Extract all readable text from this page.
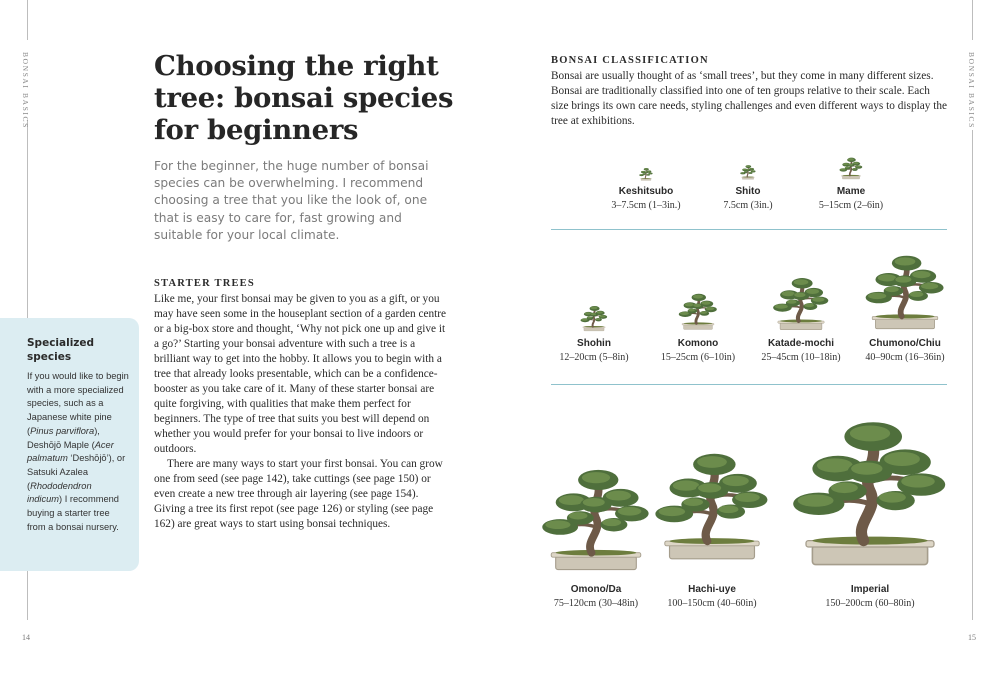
BONSAI BASICS	BONSAI BASICS
14	15
Choosing the right tree: bonsai species for beginners

For the beginner, the huge number of bonsai species can be overwhelming. I recommend choosing a tree that you like the look of, one that is easy to care for, fast growing and suitable for your local climate.

STARTER TREES

Like me, your first bonsai may be given to you as a gift, or you may have seen some in the houseplant section of a garden centre or a big-box store and thought, ‘Why not pick one up and give it a go?’ Starting your bonsai adventure with such a tree is a brilliant way to get into the hobby. It allows you to begin with a tree that already looks presentable, which can be a confidence-booster as you take care of it. Many of these starter bonsai are quite forgiving, with qualities that make them perfect for beginners. The type of tree that suits you best will depend on whether you would prefer for your bonsai to live indoors or outdoors.

There are many ways to start your first bonsai. You can grow one from seed (see page 142), take cuttings (see page 150) or even create a new tree through air layering (see page 154). Giving a tree its first repot (see page 126) or styling (see page 162) are great ways to start using bonsai techniques.

Specialized species

If you would like to begin with a more specialized species, such as a Japanese white pine (Pinus parviflora), Deshōjō Maple (Acer palmatum ‘Deshōjō’), or Satsuki Azalea (Rhododendron indicum) I recommend buying a starter tree from a bonsai nursery.

BONSAI CLASSIFICATION

Bonsai are usually thought of as ‘small trees’, but they come in many different sizes. Bonsai are traditionally classified into one of ten groups relative to their scale. Each size brings its own care needs, styling challenges and even different ways to display the tree at exhibitions.

Keshitsubo
3–7.5cm (1–3in.)
Shito
7.5cm (3in.)
Mame
5–15cm (2–6in)
Shohin
12–20cm (5–8in)
Komono
15–25cm (6–10in)
Katade-mochi
25–45cm (10–18in)
Chumono/Chiu
40–90cm (16–36in)
Omono/Da
75–120cm (30–48in)
Hachi-uye
100–150cm (40–60in)
Imperial
150–200cm (60–80in)
